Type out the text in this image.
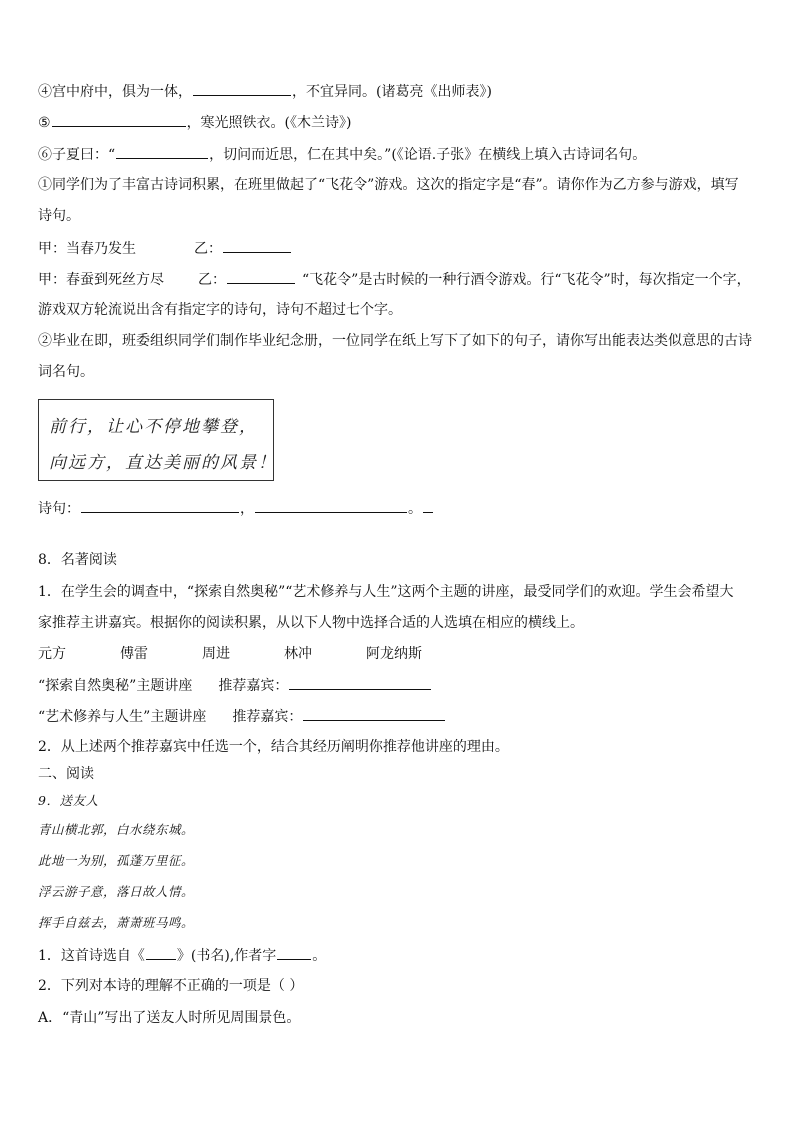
④宫中府中，俱为一体，	，不宜异同。(诸葛亮《出师表》)
⑤	，寒光照铁衣。(《木兰诗》)
⑥子夏曰：“	，切问而近思，仁在其中矣。”(《论语.子张》在横线上填入古诗词名句。
①同学们为了丰富古诗词积累，在班里做起了“飞花令”游戏。这次的指定字是“春”。请你作为乙方参与游戏，填写
诗句。
甲：当春乃发生	乙：
甲：春蚕到死丝方尽 乙：	“飞花令”是古时候的一种行酒令游戏。行“飞花令”时，每次指定一个字，
游戏双方轮流说出含有指定字的诗句，诗句不超过七个字。
②毕业在即，班委组织同学们制作毕业纪念册，一位同学在纸上写下了如下的句子，请你写出能表达类似意思的古诗
词名句。
前行，让心不停地攀登，
向远方，直达美丽的风景！
诗句：	，	。
8．名著阅读
1．在学生会的调查中，“探索自然奥秘”“艺术修养与人生”这两个主题的讲座，最受同学们的欢迎。学生会希望大
家推荐主讲嘉宾。根据你的阅读积累，从以下人物中选择合适的人选填在相应的横线上。
元方	傅雷	周进	林冲	阿龙纳斯
“探索自然奥秘”主题讲座 推荐嘉宾：
“艺术修养与人生”主题讲座 推荐嘉宾：
2．从上述两个推荐嘉宾中任选一个，结合其经历阐明你推荐他讲座的理由。
二、阅读
9．送友人
青山横北郭，白水绕东城。
此地一为别，孤蓬万里征。
浮云游子意，落日故人情。
挥手自兹去，萧萧班马鸣。
1．这首诗选自《 》(书名),作者字	。
2．下列对本诗的理解不正确的一项是（ ）
A．“青山”写出了送友人时所见周围景色。
